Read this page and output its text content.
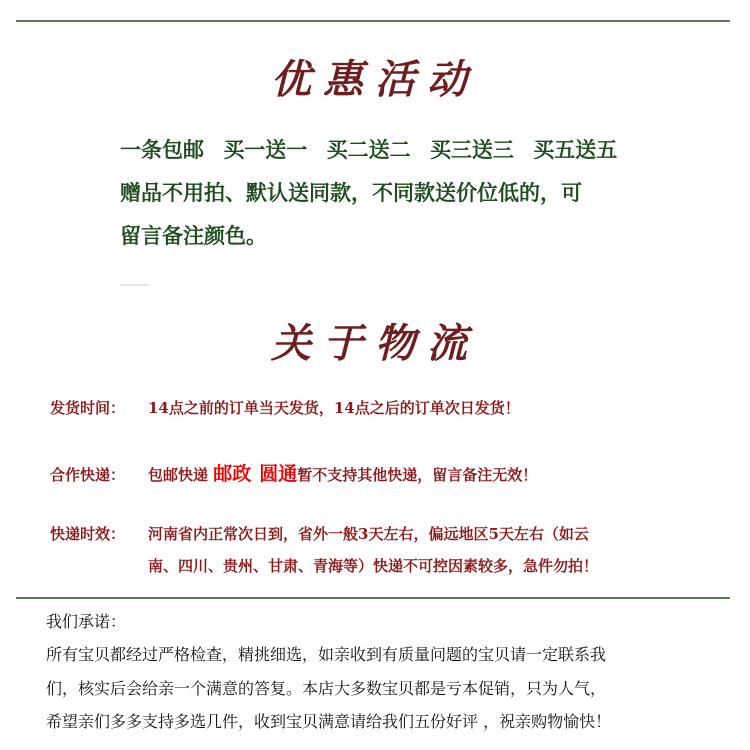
优惠活动
一条包邮 买一送一 买二送二 买三送三 买五送五
赠品不用拍、默认送同款，不同款送价位低的，可
留言备注颜色。
关于物流
发货时间： 14点之前的订单当天发货，14点之后的订单次日发货！
合作快递： 包邮快递 邮政 圆通暂不支持其他快递，留言备注无效！
快递时效： 河南省内正常次日到，省外一般3天左右，偏远地区5天左右（如云
南、四川、贵州、甘肃、青海等）快递不可控因素较多，急件勿拍！
我们承诺：
所有宝贝都经过严格检查，精挑细选，如亲收到有质量问题的宝贝请一定联系我
们，核实后会给亲一个满意的答复。本店大多数宝贝都是亏本促销，只为人气，
希望亲们多多支持多选几件，收到宝贝满意请给我们五份好评 ，祝亲购物愉快！
